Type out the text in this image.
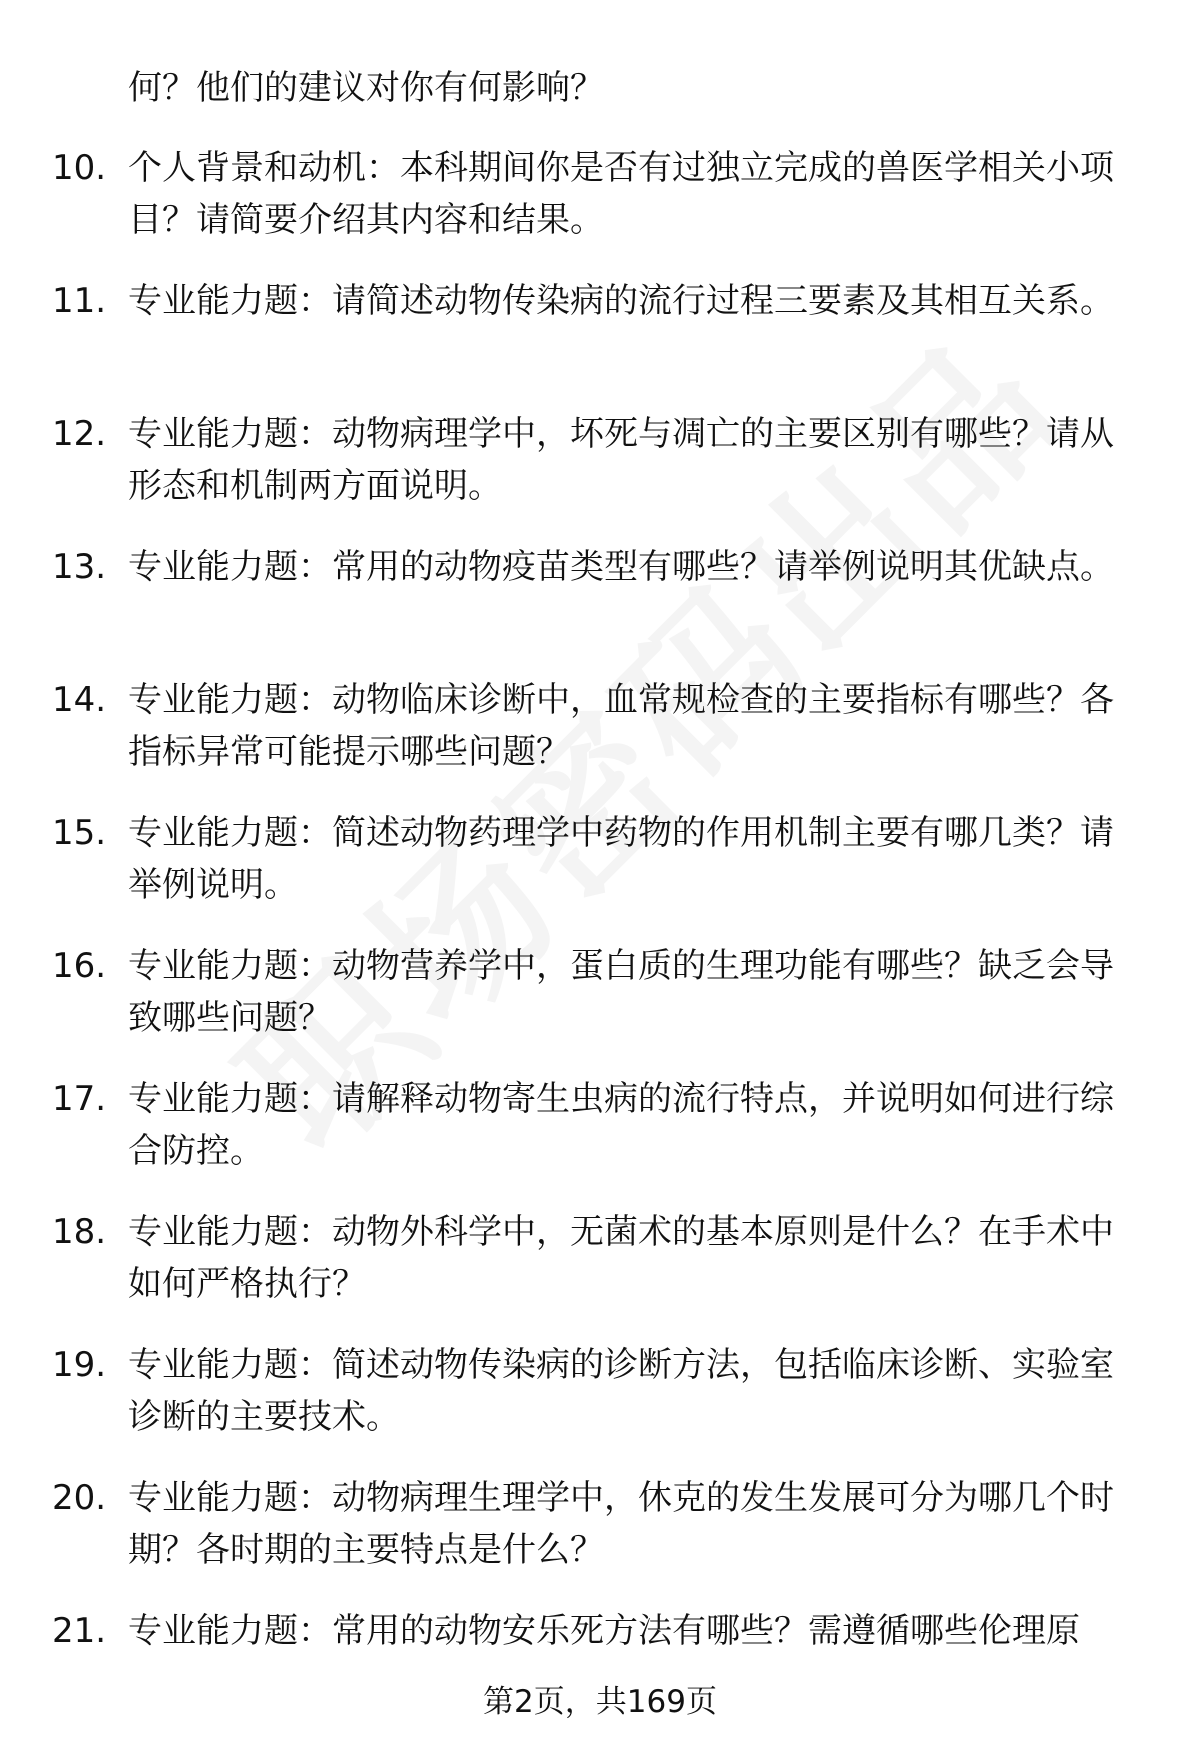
何？他们的建议对你有何影响？
10. 个人背景和动机：本科期间你是否有过独立完成的兽医学相关小项目？请简要介绍其内容和结果。
11. 专业能力题：请简述动物传染病的流行过程三要素及其相互关系。
12. 专业能力题：动物病理学中，坏死与凋亡的主要区别有哪些？请从形态和机制两方面说明。
13. 专业能力题：常用的动物疫苗类型有哪些？请举例说明其优缺点。
14. 专业能力题：动物临床诊断中，血常规检查的主要指标有哪些？各指标异常可能提示哪些问题？
15. 专业能力题：简述动物药理学中药物的作用机制主要有哪几类？请举例说明。
16. 专业能力题：动物营养学中，蛋白质的生理功能有哪些？缺乏会导致哪些问题？
17. 专业能力题：请解释动物寄生虫病的流行特点，并说明如何进行综合防控。
18. 专业能力题：动物外科学中，无菌术的基本原则是什么？在手术中如何严格执行？
19. 专业能力题：简述动物传染病的诊断方法，包括临床诊断、实验室诊断的主要技术。
20. 专业能力题：动物病理生理学中，休克的发生发展可分为哪几个时期？各时期的主要特点是什么？
21. 专业能力题：常用的动物安乐死方法有哪些？需遵循哪些伦理原
第2页，共169页
